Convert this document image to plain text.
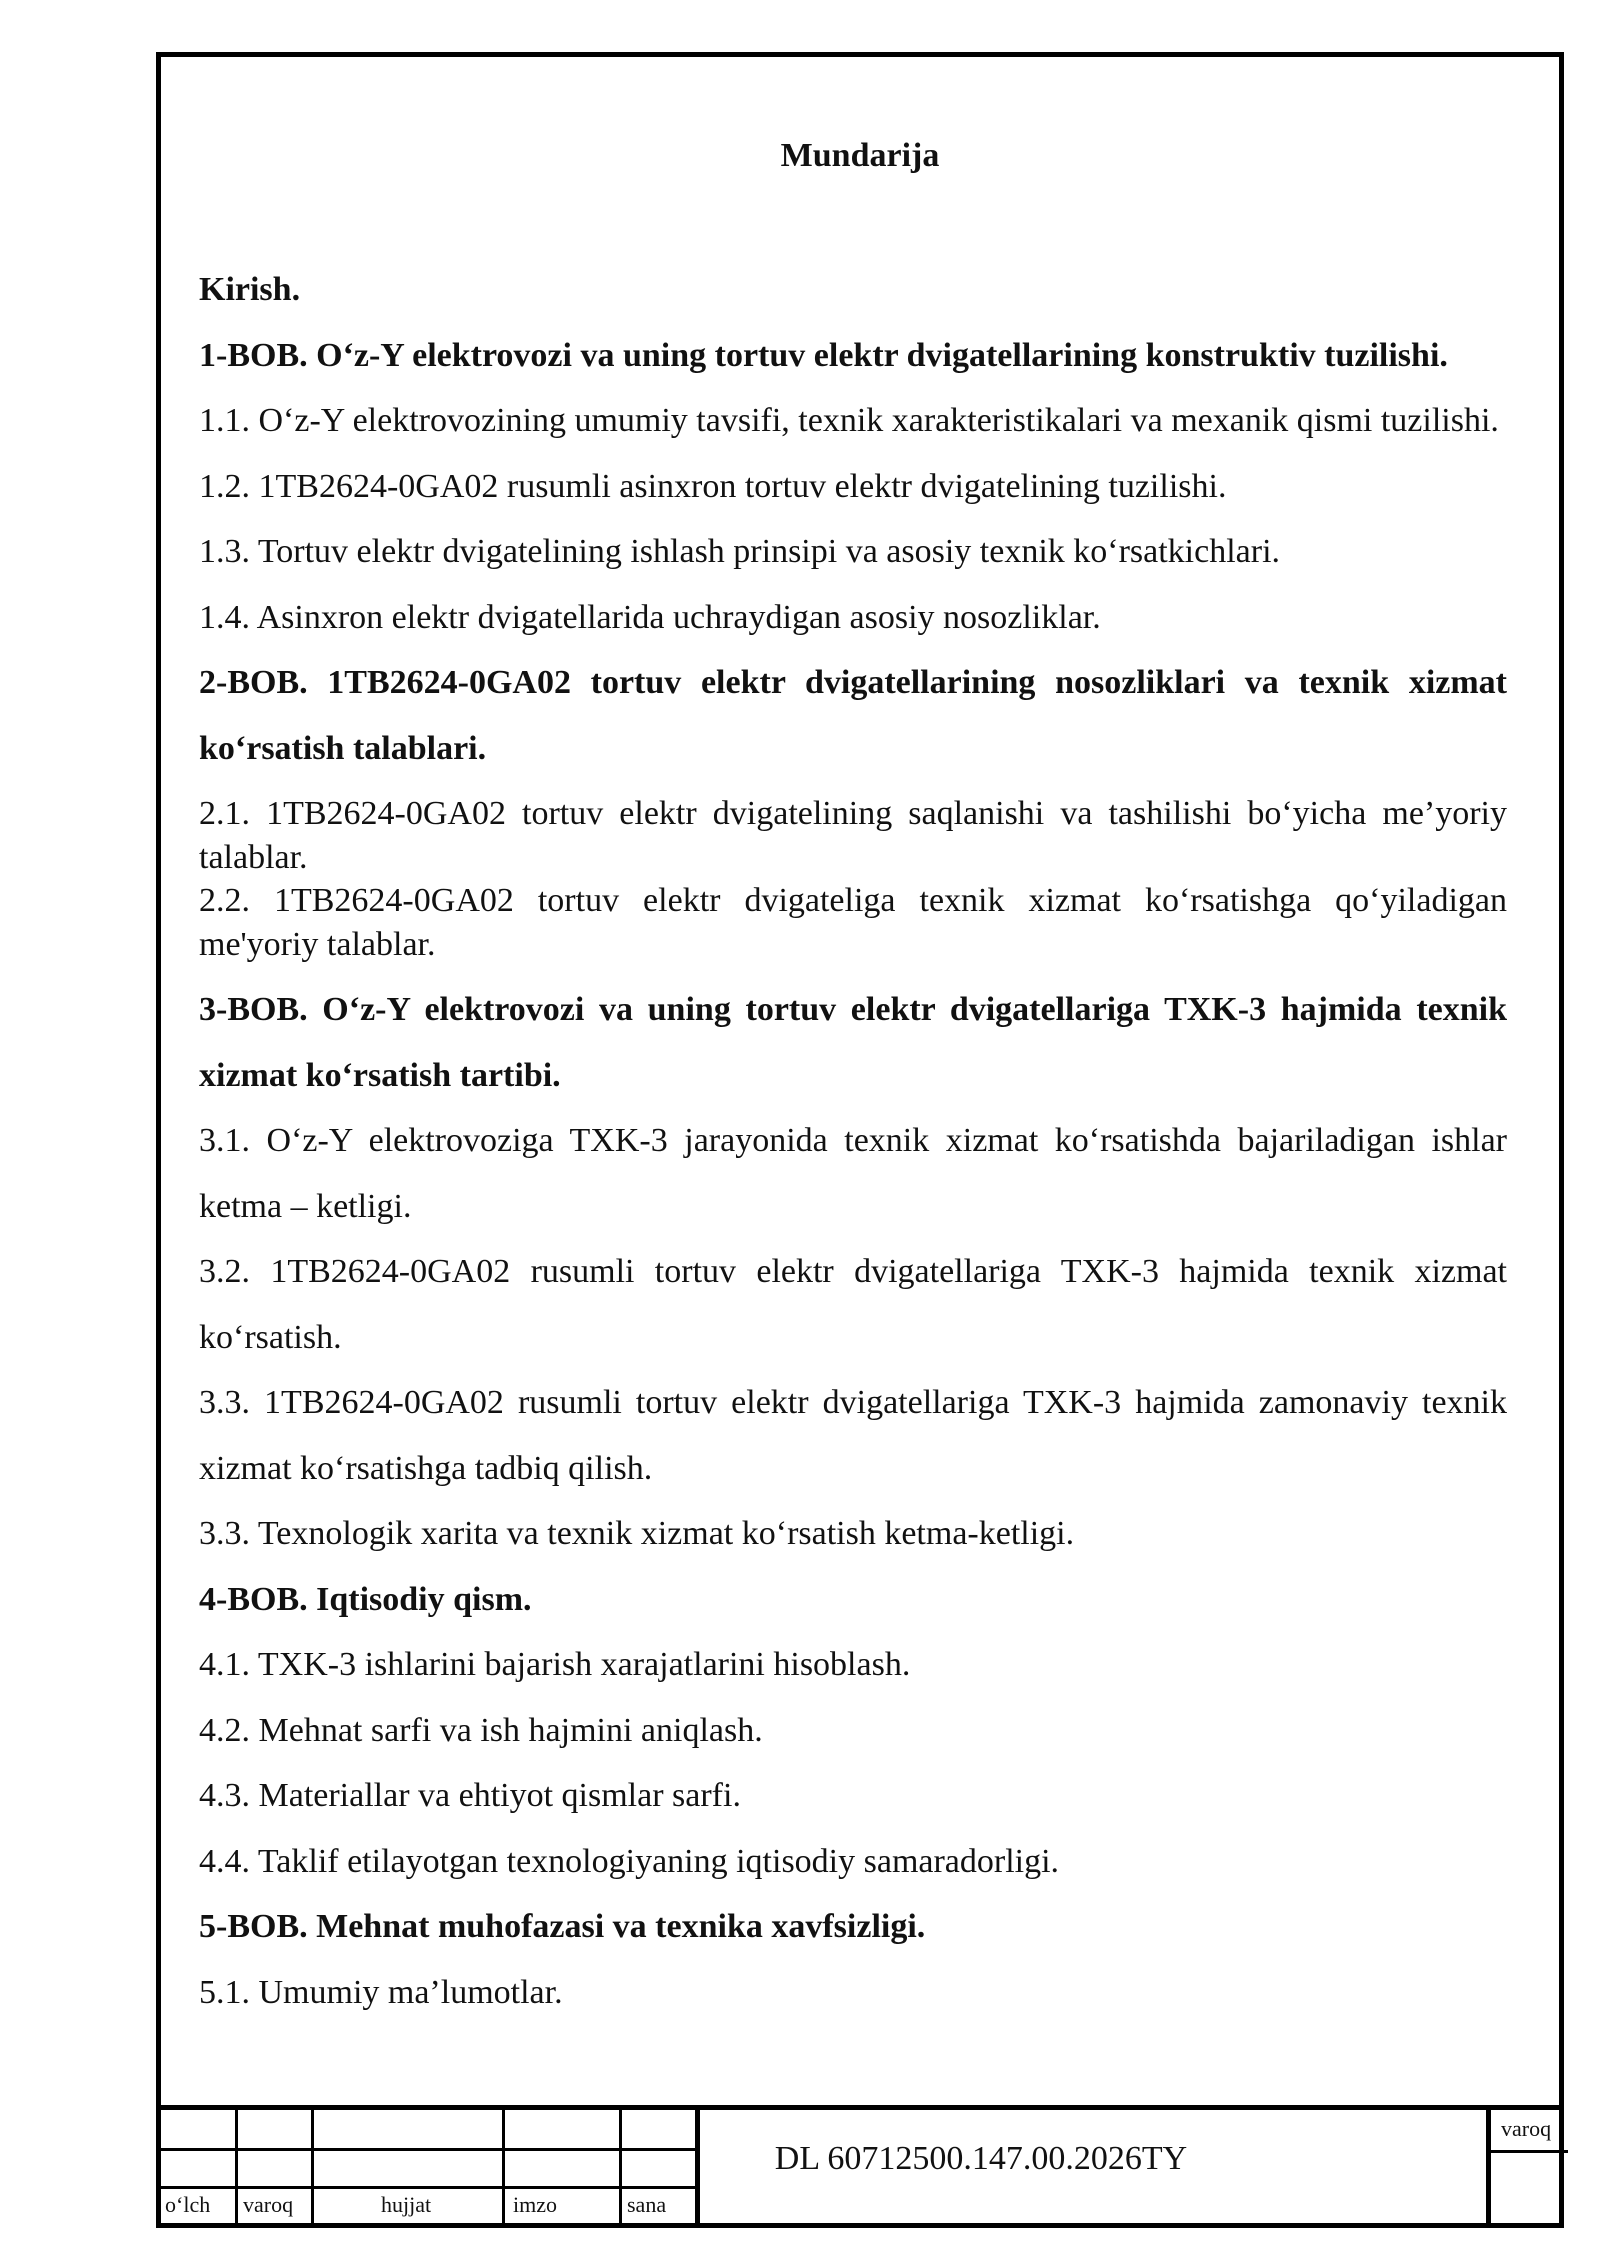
Mundarija

Kirish.

1-BOB. O‘z-Y elektrovozi va uning tortuv elektr dvigatellarining konstruktiv tuzilishi.

1.1. O‘z-Y elektrovozining umumiy tavsifi, texnik xarakteristikalari va mexanik qismi tuzilishi.

1.2. 1TB2624-0GA02 rusumli asinxron tortuv elektr dvigatelining tuzilishi.

1.3. Tortuv elektr dvigatelining ishlash prinsipi va asosiy texnik ko‘rsatkichlari.

1.4. Asinxron elektr dvigatellarida uchraydigan asosiy nosozliklar.

2-BOB. 1TB2624-0GA02 tortuv elektr dvigatellarining nosozliklari va texnik xizmat ko‘rsatish talablari.

2.1. 1TB2624-0GA02 tortuv elektr dvigatelining saqlanishi va tashilishi bo‘yicha me’yoriy talablar.

2.2. 1TB2624-0GA02 tortuv elektr dvigateliga texnik xizmat ko‘rsatishga qo‘yiladigan me'yoriy talablar.

3-BOB. O‘z-Y elektrovozi va uning tortuv elektr dvigatellariga TXK-3 hajmida texnik xizmat ko‘rsatish tartibi.

3.1. O‘z-Y elektrovoziga TXK-3 jarayonida texnik xizmat ko‘rsatishda bajariladigan ishlar ketma – ketligi.

3.2. 1TB2624-0GA02 rusumli tortuv elektr dvigatellariga TXK-3 hajmida texnik xizmat ko‘rsatish.

3.3. 1TB2624-0GA02 rusumli tortuv elektr dvigatellariga TXK-3 hajmida zamonaviy texnik xizmat ko‘rsatishga tadbiq qilish.

3.3. Texnologik xarita va texnik xizmat ko‘rsatish ketma-ketligi.

4-BOB. Iqtisodiy qism.

4.1. TXK-3 ishlarini bajarish xarajatlarini hisoblash.

4.2. Mehnat sarfi va ish hajmini aniqlash.

4.3. Materiallar va ehtiyot qismlar sarfi.

4.4. Taklif etilayotgan texnologiyaning iqtisodiy samaradorligi.

5-BOB. Mehnat muhofazasi va texnika xavfsizligi.

5.1. Umumiy ma’lumotlar.

o‘lch varoq	hujjat	imzo	sana
DL 60712500.147.00.2026TY
varoq
